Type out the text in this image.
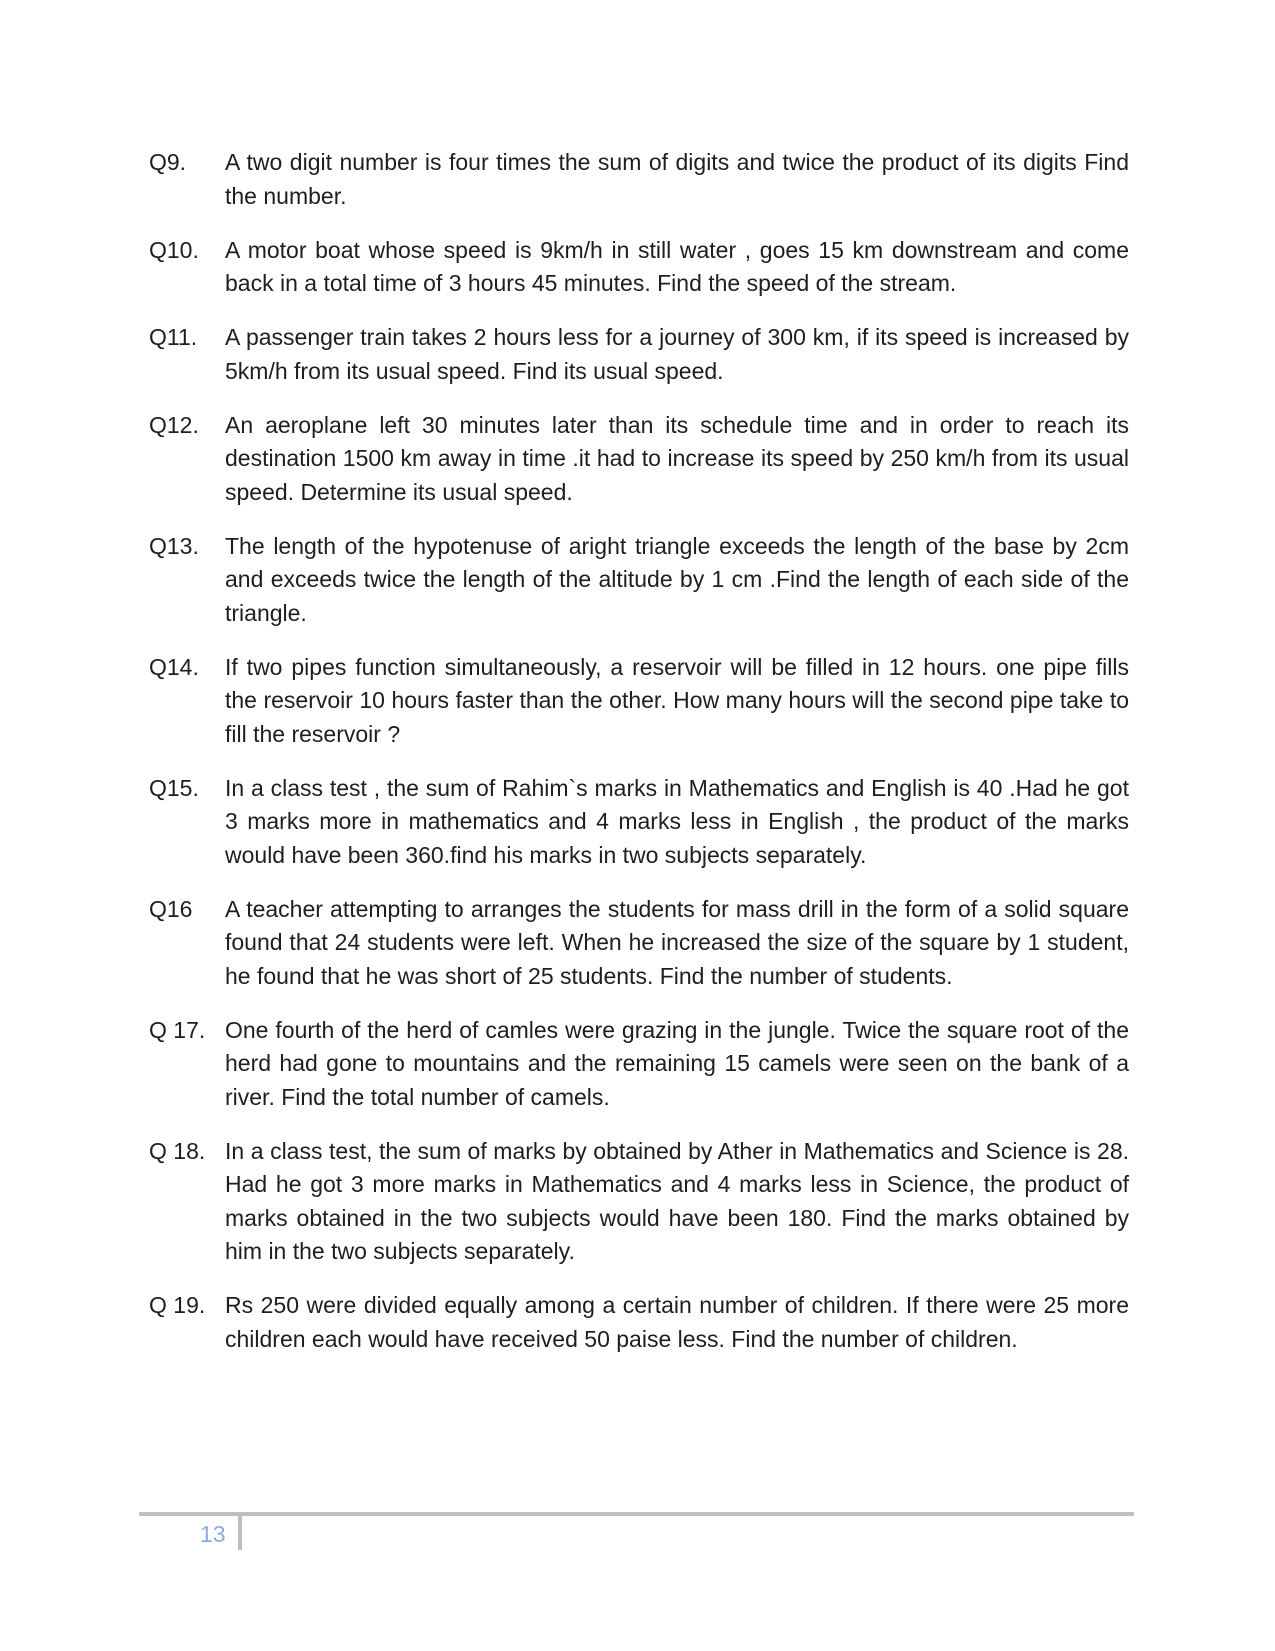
Q9.	A two digit number is four times the sum of digits and twice the product of its digits Find the number.
Q10.	A motor boat whose speed is 9km/h in still water , goes 15 km downstream and come back in a total time of 3 hours 45 minutes. Find the speed of the stream.
Q11.	A passenger train takes 2 hours less for a journey of 300 km, if its speed is increased by 5km/h from its usual speed. Find its usual speed.
Q12.	An aeroplane left 30 minutes later than its schedule time and in order to reach its destination 1500 km away in time .it had to increase its speed by 250 km/h from its usual speed. Determine its usual speed.
Q13.	The length of the hypotenuse of aright triangle exceeds the length of the base by 2cm and exceeds twice the length of the altitude by 1 cm .Find the length of each side of the triangle.
Q14.	If two pipes function simultaneously, a reservoir will be filled in 12 hours. one pipe fills the reservoir 10 hours faster than the other. How many hours will the second pipe take to fill the reservoir ?
Q15.	In a class test , the sum of Rahim`s marks in Mathematics and English is 40 .Had he got 3 marks more in mathematics and 4 marks less in English , the product of the marks would have been 360.find his marks in two subjects separately.
Q16	A teacher attempting to arranges the students for mass drill in the form of a solid square found that 24 students were left. When he increased the size of the square by 1 student, he found that he was short of 25 students. Find the number of students.
Q 17. One fourth of the herd of camles were grazing in the jungle. Twice the square root of the herd had gone to mountains and the remaining 15 camels were seen on the bank of a river. Find the total number of camels.
Q 18. In a class test, the sum of marks by obtained by Ather in Mathematics and Science is 28. Had he got 3 more marks in Mathematics and 4 marks less in Science, the product of marks obtained in the two subjects would have been 180. Find the marks obtained by him in the two subjects separately.
Q 19. Rs 250 were divided equally among a certain number of children. If there were 25 more children each would have received 50 paise less. Find the number of children.
13
